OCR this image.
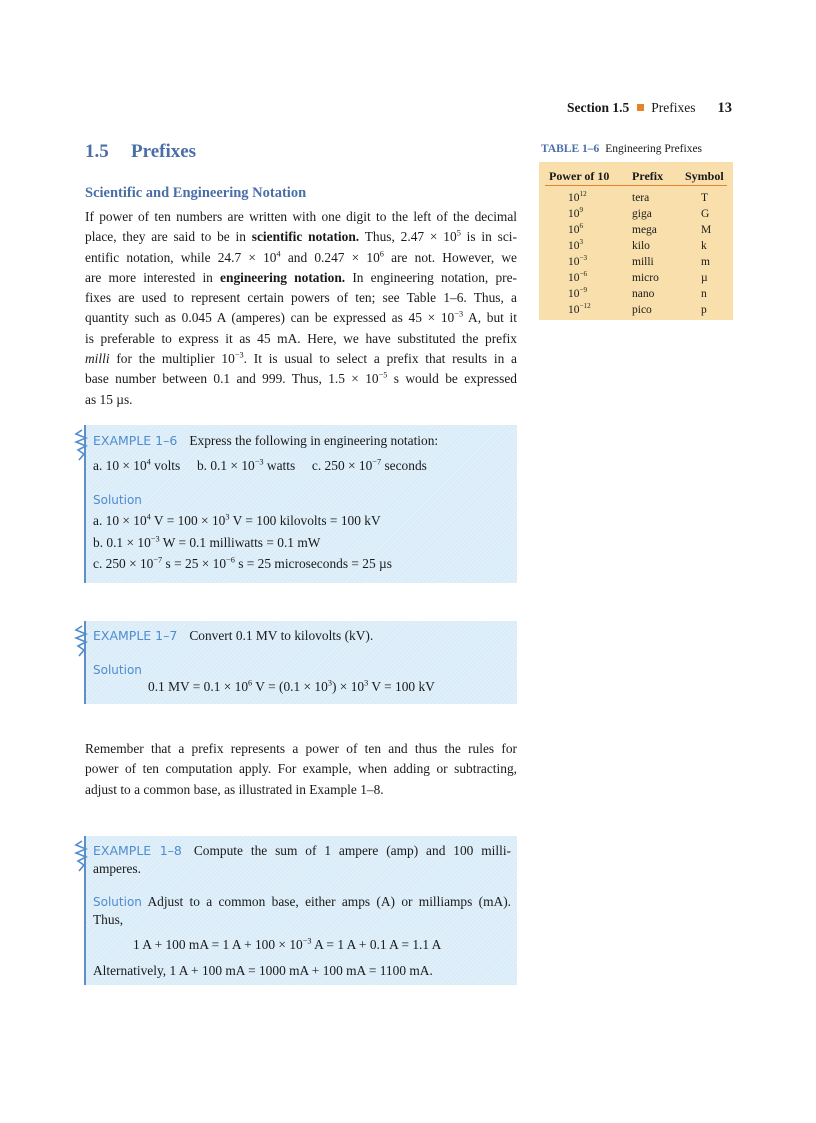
Section 1.5 Prefixes 13
1.5 Prefixes
Scientific and Engineering Notation
If power of ten numbers are written with one digit to the left of the decimal
place, they are said to be in scientific notation. Thus, $2.47 \times 10^5$ is in sci-
entific notation, while $24.7 \times 10^4$ and $0.247 \times 10^6$ are not. However, we
are more interested in engineering notation. In engineering notation, pre-
fixes are used to represent certain powers of ten; see Table 1–6. Thus, a
quantity such as 0.045 A (amperes) can be expressed as $45 \times 10^{-3}$ A, but it
is preferable to express it as 45 mA. Here, we have substituted the prefix
milli for the multiplier $10^{-3}$. It is usual to select a prefix that results in a
base number between 0.1 and 999. Thus, $1.5 \times 10^{-5}$ s would be expressed
as 15 µs.
TABLE 1–6 Engineering Prefixes
Power of 10 Prefix Symbol
$10^{12}$	tera	T
$10^9$	giga	G
$10^6$	mega	M
$10^3$	kilo	k
$10^{-3}$	milli	m
$10^{-6}$	micro	µ
$10^{-9}$	nano	n
$10^{-12}$	pico	p
EXAMPLE 1–6 Express the following in engineering notation:
a. $10 \times 10^4$ volts     b. $0.1 \times 10^{-3}$ watts     c. $250 \times 10^{-7}$ seconds
Solution
a. $10 \times 10^4$ $V = 100 \times 10^3$ V = 100 kilovolts = 100 kV
b. $0.1 \times 10^{-3}$ W = 0.1 milliwatts = 0.1 mW
c. $250 \times 10^{-7}$ $s = 25 \times 10^{-6}$ s = 25 microseconds = 25 µs
EXAMPLE 1–7 Convert 0.1 MV to kilovolts (kV).
Solution
0.1 MV = $0.1 \times 10^6$ $V = (0.1 \times 10^3) \times 10^3$ V = 100 kV
Remember that a prefix represents a power of ten and thus the rules for
power of ten computation apply. For example, when adding or subtracting,
adjust to a common base, as illustrated in Example 1–8.
EXAMPLE 1–8 Compute the sum of 1 ampere (amp) and 100 milli-
amperes.
Solution Adjust to a common base, either amps (A) or milliamps (mA).
Thus,
1 A + 100 mA = 1 $A + 100 \times 10^{-3}$ A = 1 A + 0.1 A = 1.1 A
Alternatively, 1 A + 100 mA = 1000 mA + 100 mA = 1100 mA.
